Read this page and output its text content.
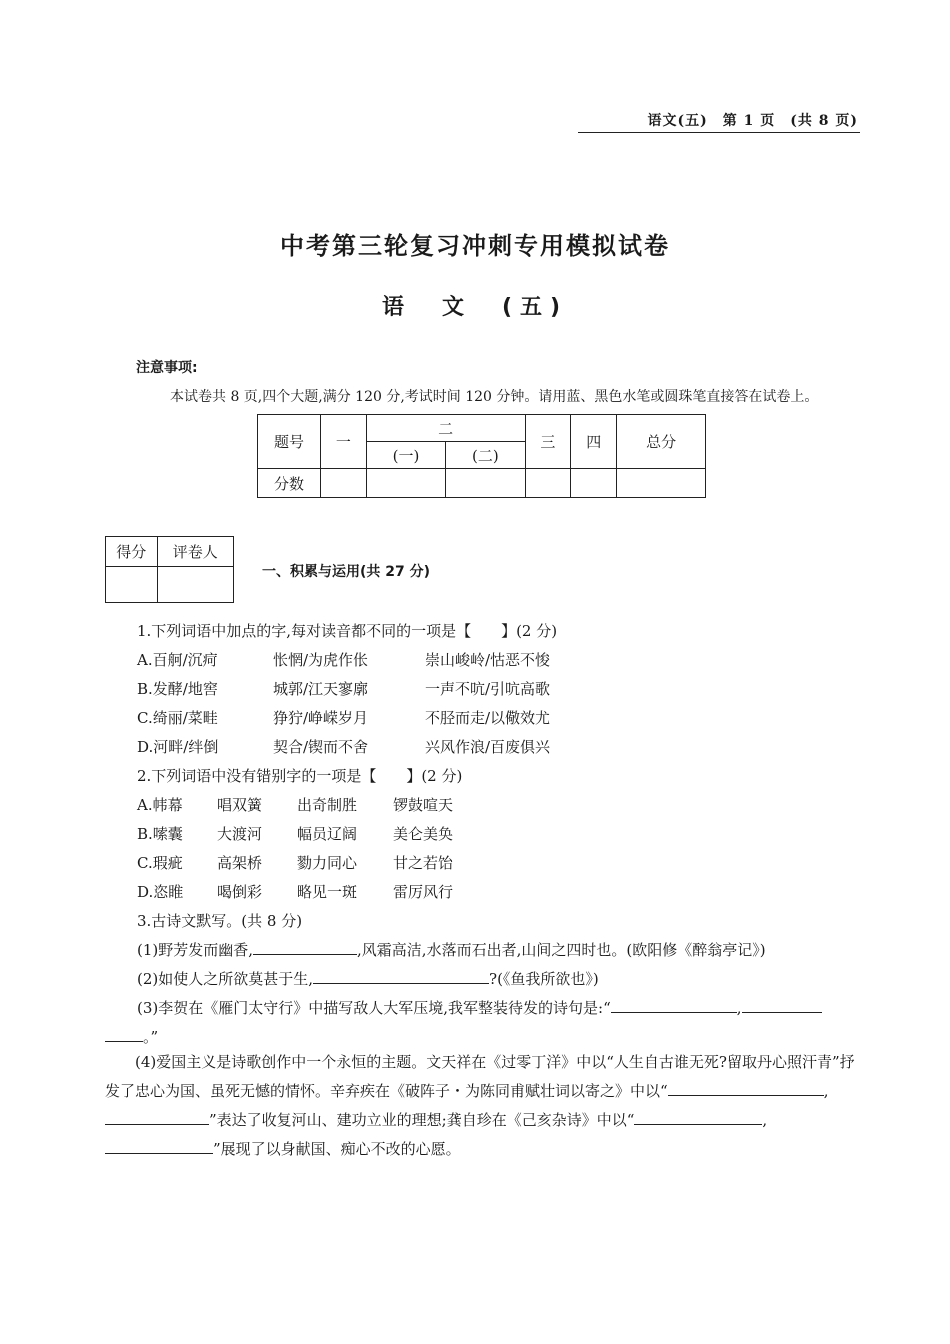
语文(五)　第 1 页　(共 8 页)
中考第三轮复习冲刺专用模拟试卷
语　文　(五)
注意事项:
本试卷共 8 页,四个大题,满分 120 分,考试时间 120 分钟。请用蓝、黑色水笔或圆珠笔直接答在试卷上。
题号	一	二		三	四	总分
		(一)	(二)			
分数						
得分	评卷人

一、积累与运用(共 27 分)
1.下列词语中加点的字,每对读音都不同的一项是【　　】(2 分)
A.百舸/沉疴	怅惘/为虎作伥	崇山峻岭/怙恶不悛
B.发酵/地窖	城郭/江天寥廓	一声不吭/引吭高歌
C.绮丽/菜畦	狰狞/峥嵘岁月	不胫而走/以儆效尤
D.河畔/绊倒	契合/锲而不舍	兴风作浪/百废俱兴
2.下列词语中没有错别字的一项是【　　】(2 分)
A.帏幕 唱双簧 出奇制胜 锣鼓喧天
B.嗦囊 大渡河 幅员辽阔 美仑美奂
C.瑕疵 高架桥 勠力同心 甘之若饴
D.恣睢 喝倒彩 略见一斑 雷厉风行
3.古诗文默写。(共 8 分)
(1)野芳发而幽香,	,风霜高洁,水落而石出者,山间之四时也。(欧阳修《醉翁亭记》)
(2)如使人之所欲莫甚于生,	?(《鱼我所欲也》)
(3)李贺在《雁门太守行》中描写敌人大军压境,我军整装待发的诗句是:“	,
。”
(4)爱国主义是诗歌创作中一个永恒的主题。文天祥在《过零丁洋》中以“人生自古谁无死?留取丹心照汗青”抒发了忠心为国、虽死无憾的情怀。辛弃疾在《破阵子・为陈同甫赋壮词以寄之》中以“	,”表达了收复河山、建功立业的理想;龚自珍在《己亥杂诗》中以“	,”展现了以身献国、痴心不改的心愿。
